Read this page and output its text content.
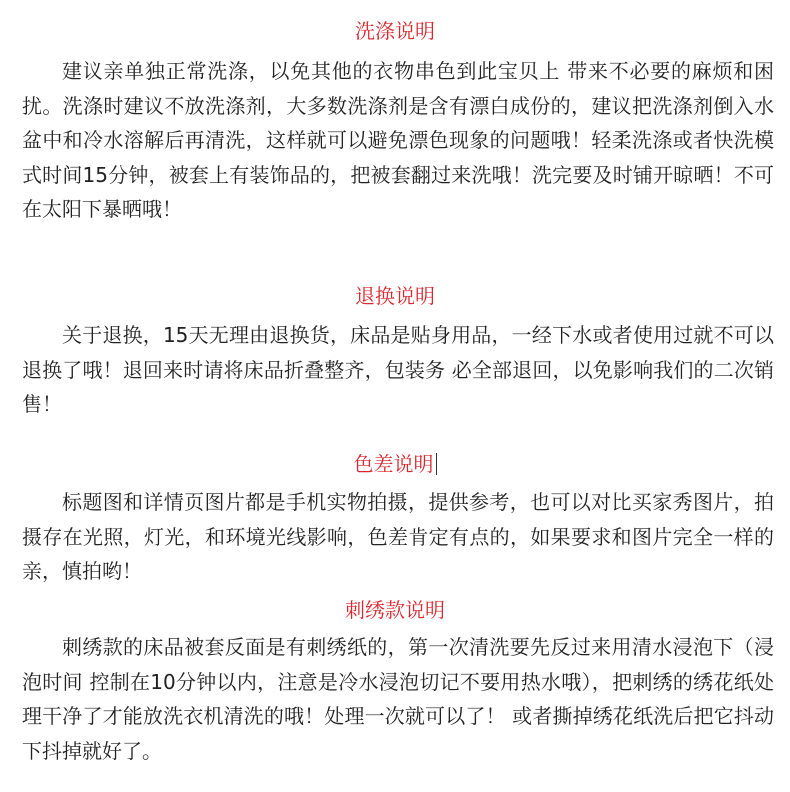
洗涤说明

建议亲单独正常洗涤，以免其他的衣物串色到此宝贝上 带来不必要的麻烦和困扰。洗涤时建议不放洗涤剂，大多数洗涤剂是含有漂白成份的，建议把洗涤剂倒入水盆中和冷水溶解后再清洗，这样就可以避免漂色现象的问题哦！轻柔洗涤或者快洗模式时间15分钟，被套上有装饰品的，把被套翻过来洗哦！洗完要及时铺开晾晒！不可在太阳下暴晒哦！

退换说明

关于退换，15天无理由退换货，床品是贴身用品，一经下水或者使用过就不可以退换了哦！退回来时请将床品折叠整齐，包装务 必全部退回，以免影响我们的二次销售！

色差说明

标题图和详情页图片都是手机实物拍摄，提供参考，也可以对比买家秀图片，拍摄存在光照，灯光，和环境光线影响，色差肯定有点的，如果要求和图片完全一样的亲，慎拍哟！

刺绣款说明

刺绣款的床品被套反面是有刺绣纸的，第一次清洗要先反过来用清水浸泡下（浸泡时间 控制在10分钟以内，注意是冷水浸泡切记不要用热水哦），把刺绣的绣花纸处理干净了才能放洗衣机清洗的哦！处理一次就可以了！ 或者撕掉绣花纸洗后把它抖动下抖掉就好了。
